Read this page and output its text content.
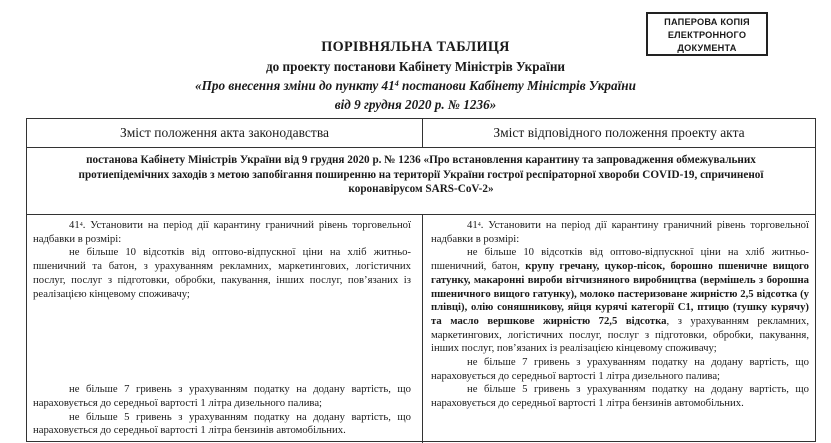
ПАПЕРОВА КОПІЯ
ЕЛЕКТРОННОГО
ДОКУМЕНТА
ПОРІВНЯЛЬНА ТАБЛИЦЯ
до проекту постанови Кабінету Міністрів України
«Про внесення зміни до пункту $41^4$ постанови Кабінету Міністрів України
від 9 грудня 2020 р. № 1236»
Зміст положення акта законодавства	Зміст відповідного положення проекту акта
постанова Кабінету Міністрів України від 9 грудня 2020 р. № 1236 «Про встановлення карантину та запровадження обмежувальних протиепідемічних заходів з метою запобігання поширенню на території України гострої респіраторної хвороби COVID-19, спричиненої коронавірусом SARS-CoV-2»

$41^4$. Установити на період дії карантину граничний рівень торговельної надбавки в розмірі:

не більше 10 відсотків від оптово-відпускної ціни на хліб житньо-пшеничний та батон, з урахуванням рекламних, маркетингових, логістичних послуг, послуг з підготовки, обробки, пакування, інших послуг, пов’язаних із реалізацією кінцевому споживачу;

не більше 7 гривень з урахуванням податку на додану вартість, що нараховується до середньої вартості 1 літра дизельного палива;

не більше 5 гривень з урахуванням податку на додану вартість, що нараховується до середньої вартості 1 літра бензинів автомобільних.

$41^4$. Установити на період дії карантину граничний рівень торговельної надбавки в розмірі:

не більше 10 відсотків від оптово-відпускної ціни на хліб житньо-пшеничний, батон, крупу гречану, цукор-пісок, борошно пшеничне вищого гатунку, макаронні вироби вітчизняного виробництва (вермішель з борошна пшеничного вищого гатунку), молоко пастеризоване жирністю 2,5 відсотка (у плівці), олію соняшникову, яйця курячі категорії С1, птицю (тушку курячу) та масло вершкове жирністю 72,5 відсотка, з урахуванням рекламних, маркетингових, логістичних послуг, послуг з підготовки, обробки, пакування, інших послуг, пов’язаних із реалізацією кінцевому споживачу;

не більше 7 гривень з урахуванням податку на додану вартість, що нараховується до середньої вартості 1 літра дизельного палива;

не більше 5 гривень з урахуванням податку на додану вартість, що нараховується до середньої вартості 1 літра бензинів автомобільних.
